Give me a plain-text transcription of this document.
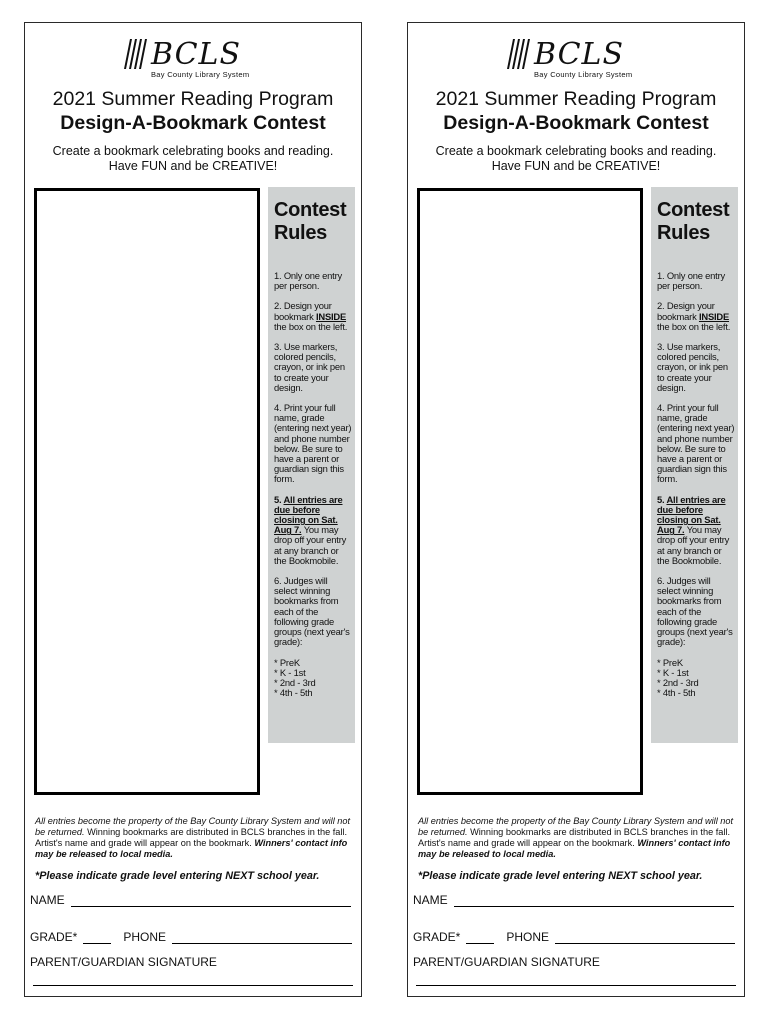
BCLS
Bay County Library System
2021 Summer Reading Program
Design-A-Bookmark Contest
Create a bookmark celebrating books and reading.
Have FUN and be CREATIVE!
Contest
Rules
1. Only one entry per person.
2. Design your bookmark INSIDE the box on the left.
3. Use markers, colored pencils, crayon, or ink pen to create your design.
4. Print your full name, grade (entering next year) and phone number below. Be sure to have a parent or guardian sign this form.
5. All entries are due before closing on Sat. Aug 7. You may drop off your entry at any branch or the Bookmobile.
6. Judges will select winning bookmarks from each of the following grade groups (next year's grade):
* PreK
* K - 1st
* 2nd - 3rd
* 4th - 5th
All entries become the property of the Bay County Library System and will not be returned. Winning bookmarks are distributed in BCLS branches in the fall. Artist's name and grade will appear on the bookmark. Winners' contact info may be released to local media.
*Please indicate grade level entering NEXT school year.
NAME
GRADE*	PHONE
PARENT/GUARDIAN SIGNATURE
BCLS
Bay County Library System
2021 Summer Reading Program
Design-A-Bookmark Contest
Create a bookmark celebrating books and reading.
Have FUN and be CREATIVE!
Contest
Rules
1. Only one entry per person.
2. Design your bookmark INSIDE the box on the left.
3. Use markers, colored pencils, crayon, or ink pen to create your design.
4. Print your full name, grade (entering next year) and phone number below. Be sure to have a parent or guardian sign this form.
5. All entries are due before closing on Sat. Aug 7. You may drop off your entry at any branch or the Bookmobile.
6. Judges will select winning bookmarks from each of the following grade groups (next year's grade):
* PreK
* K - 1st
* 2nd - 3rd
* 4th - 5th
All entries become the property of the Bay County Library System and will not be returned. Winning bookmarks are distributed in BCLS branches in the fall. Artist's name and grade will appear on the bookmark. Winners' contact info may be released to local media.
*Please indicate grade level entering NEXT school year.
NAME
GRADE*	PHONE
PARENT/GUARDIAN SIGNATURE
